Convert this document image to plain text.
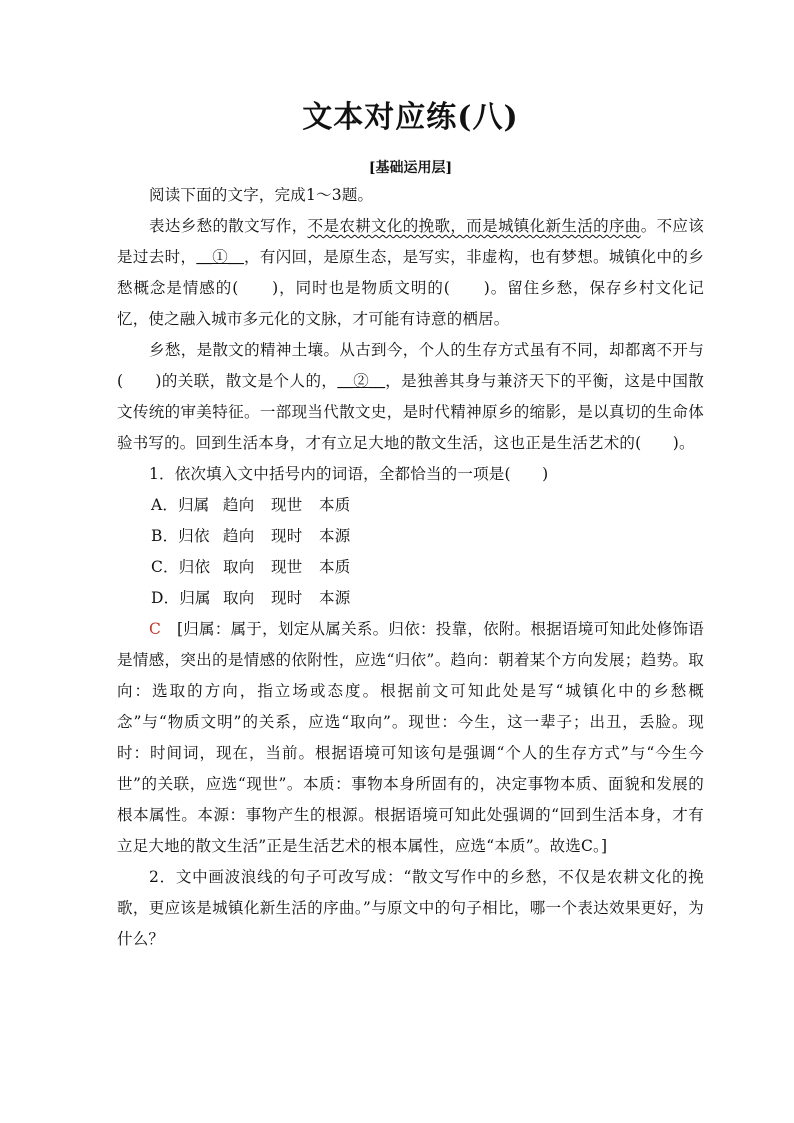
文本对应练(八)
[基础运用层]

阅读下面的文字，完成1～3题。

表达乡愁的散文写作，不是农耕文化的挽歌，而是城镇化新生活的序曲。不应该是过去时，＿①＿，有闪回，是原生态，是写实，非虚构，也有梦想。城镇化中的乡愁概念是情感的(　　)，同时也是物质文明的(　　)。留住乡愁，保存乡村文化记忆，使之融入城市多元化的文脉，才可能有诗意的栖居。

乡愁，是散文的精神土壤。从古到今，个人的生存方式虽有不同，却都离不开与(　　)的关联，散文是个人的，＿②＿，是独善其身与兼济天下的平衡，这是中国散文传统的审美特征。一部现当代散文史，是时代精神原乡的缩影，是以真切的生命体验书写的。回到生活本身，才有立足大地的散文生活，这也正是生活艺术的(　　)。

1．依次填入文中括号内的词语，全都恰当的一项是(　　)

A．归属 趋向 现世 本质

B．归依 趋向 现时 本源

C．归依 取向 现世 本质

D．归属 取向 现时 本源

C　 [归属：属于，划定从属关系。归依：投靠，依附。根据语境可知此处修饰语是情感，突出的是情感的依附性，应选“归依”。趋向：朝着某个方向发展；趋势。取向：选取的方向，指立场或态度。根据前文可知此处是写“城镇化中的乡愁概念”与“物质文明”的关系，应选“取向”。现世：今生，这一辈子；出丑，丢脸。现时：时间词，现在，当前。根据语境可知该句是强调“个人的生存方式”与“今生今世”的关联，应选“现世”。本质：事物本身所固有的，决定事物本质、面貌和发展的根本属性。本源：事物产生的根源。根据语境可知此处强调的“回到生活本身，才有立足大地的散文生活”正是生活艺术的根本属性，应选“本质”。故选C。]

2．文中画波浪线的句子可改写成：“散文写作中的乡愁，不仅是农耕文化的挽歌，更应该是城镇化新生活的序曲。”与原文中的句子相比，哪一个表达效果更好，为什么？
